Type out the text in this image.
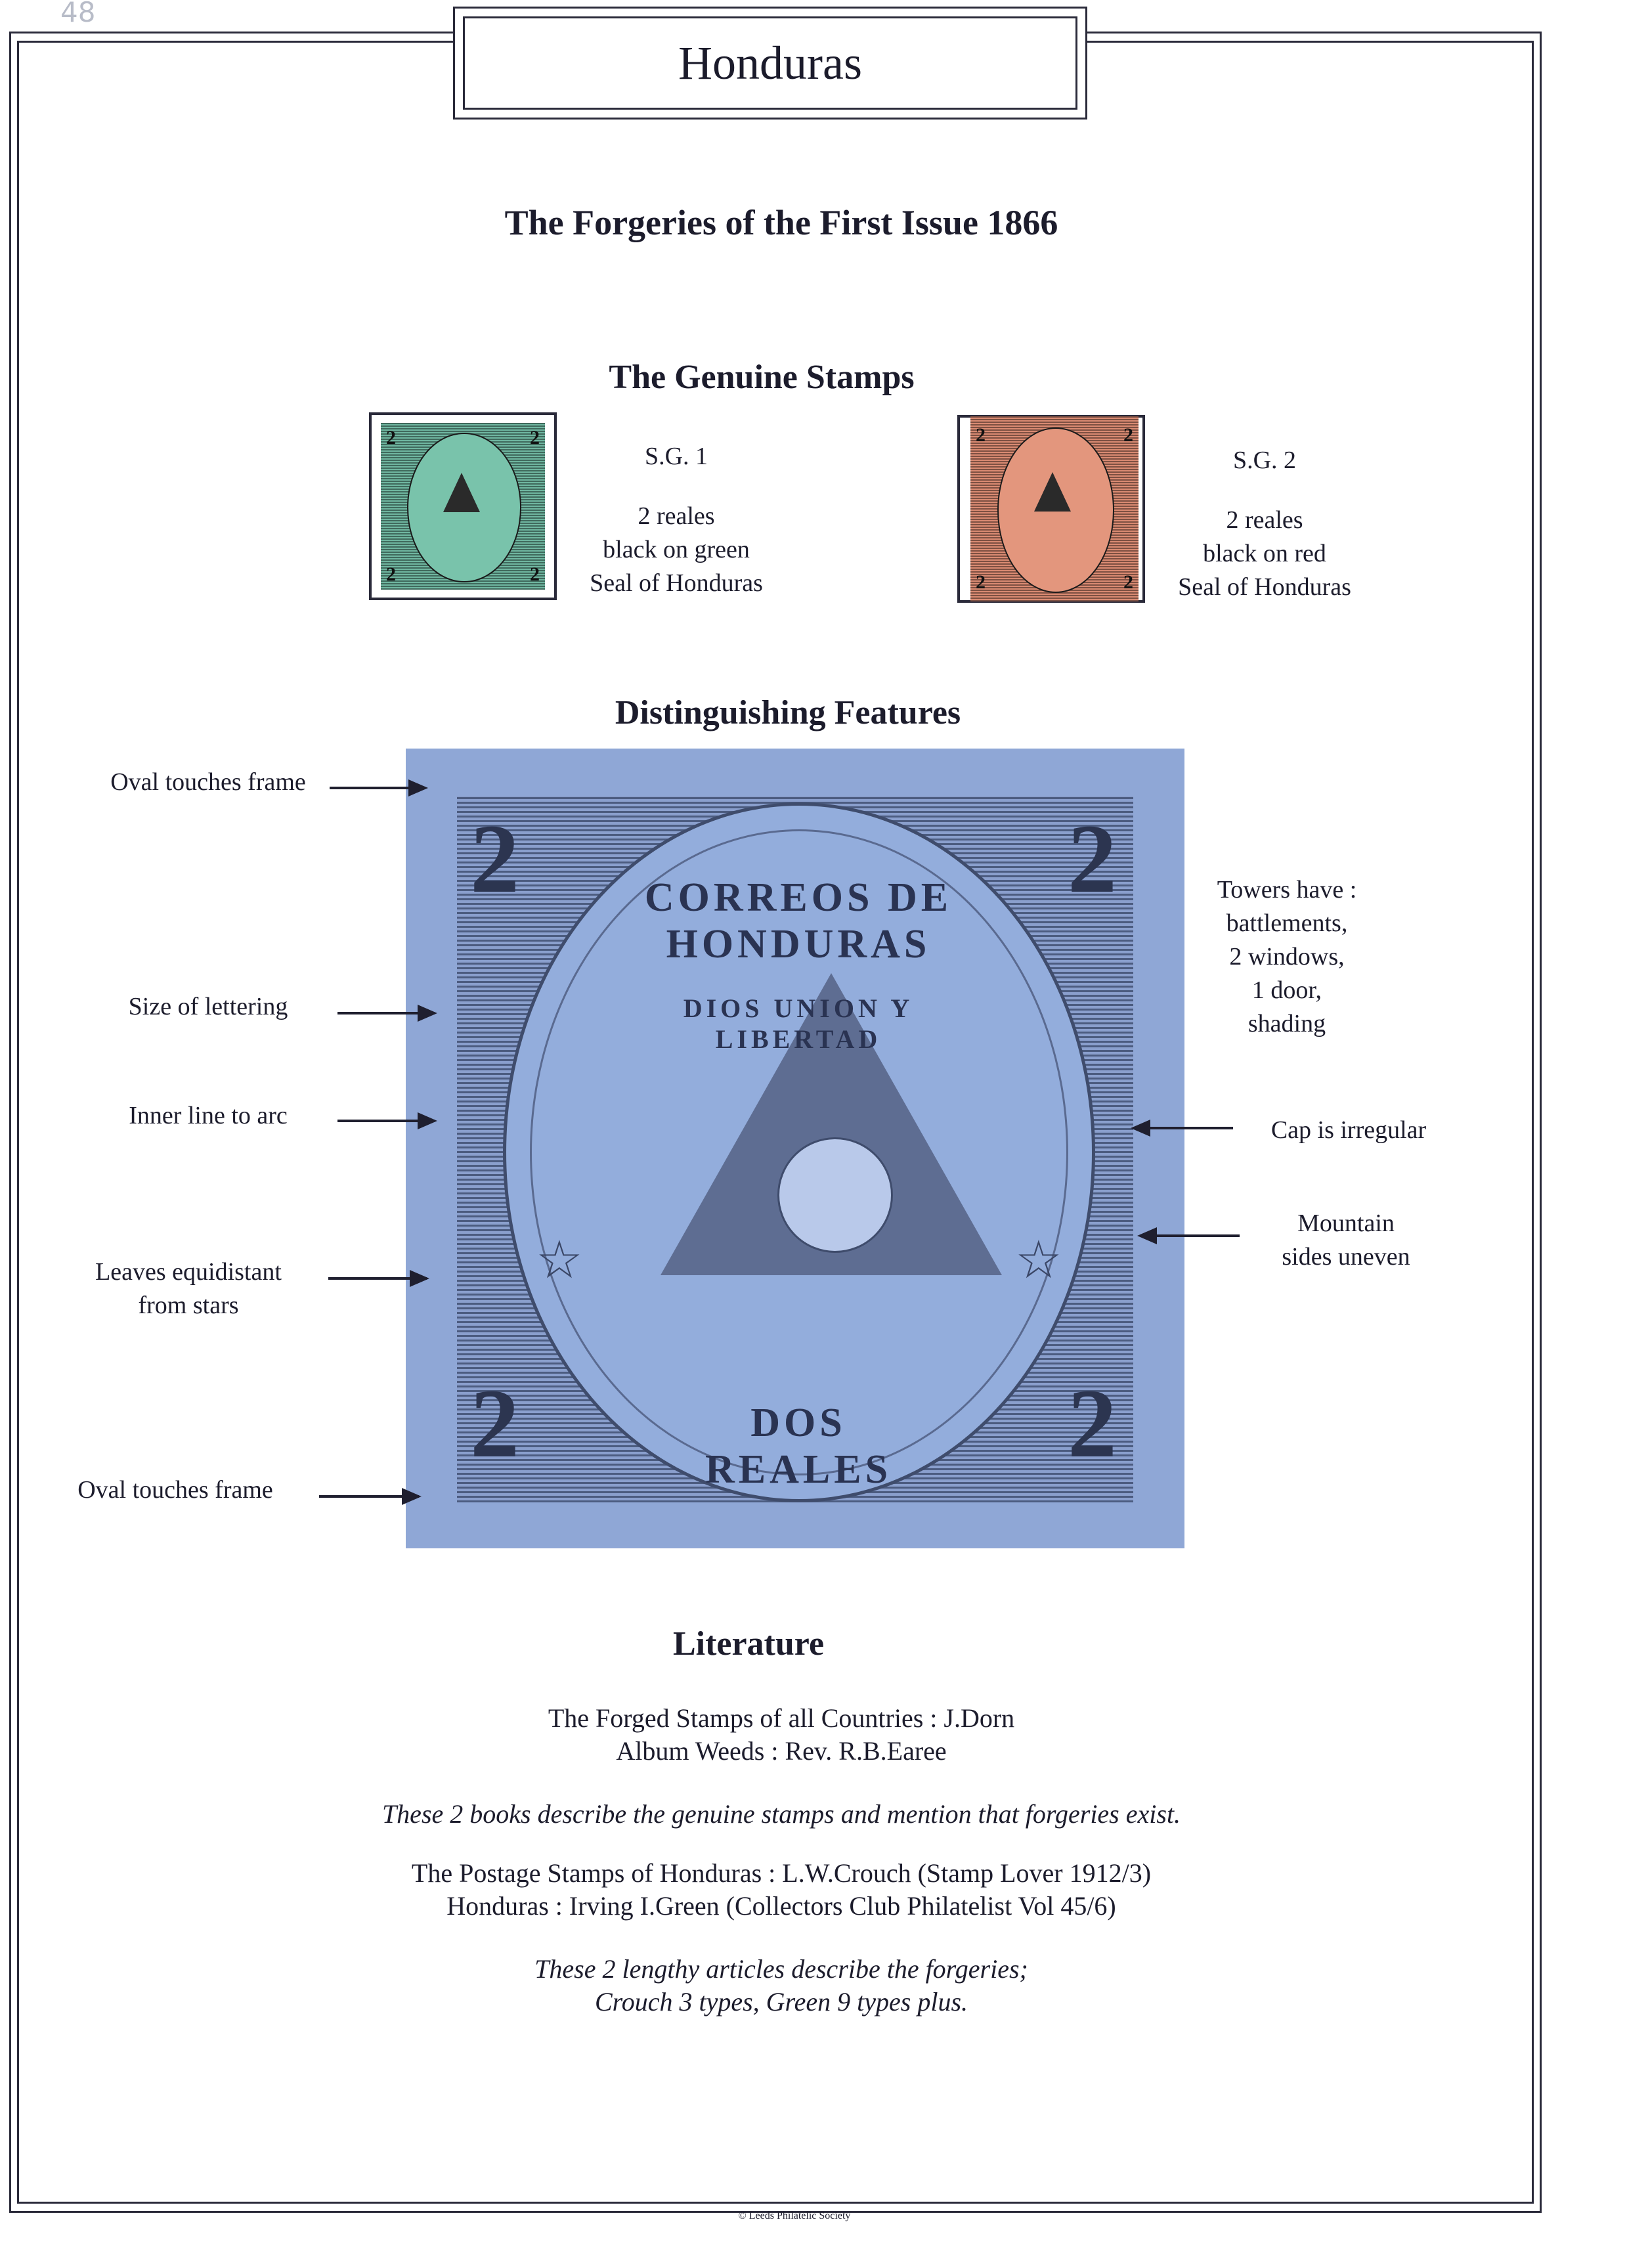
48
Honduras
The Forgeries of the First Issue 1866
The Genuine Stamps
2	2
2	2
S.G. 1
2 reales
black on green
Seal of Honduras
2	2
2	2
S.G. 2
2 reales
black on red
Seal of Honduras
Distinguishing Features
CORREOS DE HONDURAS
DIOS UNION Y LIBERTAD
DOS REALES
☆	☆
2	2
2	2
Oval touches frame
Size of lettering
Inner line to arc
Leaves equidistant
from stars
Oval touches frame
Towers have :
battlements,
2 windows,
1 door,
shading
Cap is irregular
Mountain
sides uneven
Literature
The Forged Stamps of all Countries : J.Dorn
Album Weeds : Rev. R.B.Earee
These 2 books describe the genuine stamps and mention that forgeries exist.
The Postage Stamps of Honduras : L.W.Crouch (Stamp Lover 1912/3)
Honduras : Irving I.Green (Collectors Club Philatelist Vol 45/6)
These 2 lengthy articles describe the forgeries;
Crouch 3 types, Green 9 types plus.
© Leeds Philatelic Society
